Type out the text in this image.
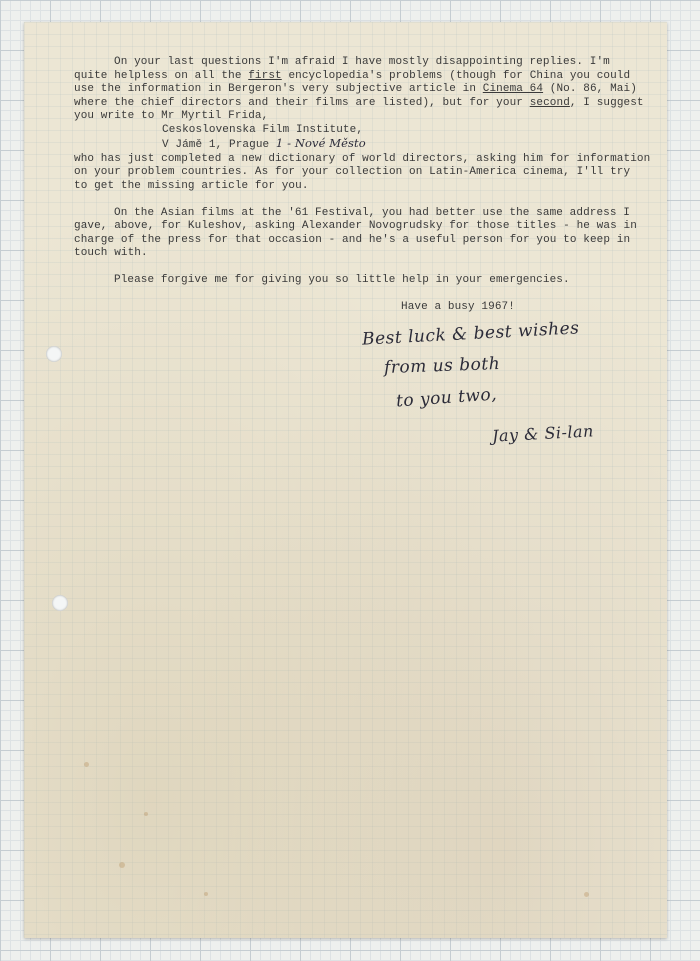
On your last questions I'm afraid I have mostly disappointing replies. I'm
quite helpless on all the first encyclopedia's problems (though for China you could
use the information in Bergeron's very subjective article in Cinema 64 (No. 86, Mai)
where the chief directors and their films are listed), but for your second, I suggest
you write to Mr Myrtil Frida,

Ceskoslovenska Film Institute,

V Jámě 1, Prague 1 - Nové Město

who has just completed a new dictionary of world directors, asking him for information
on your problem countries. As for your collection on Latin-America cinema, I'll try
to get the missing article for you.

On the Asian films at the '61 Festival, you had better use the same address I
gave, above, for Kuleshov, asking Alexander Novogrudsky for those titles - he was in
charge of the press for that occasion - and he's a useful person for you to keep in
touch with.

Please forgive me for giving you so little help in your emergencies.

Have a busy 1967!

Best luck & best wishes
from us both
to you two,
Jay & Si-lan
